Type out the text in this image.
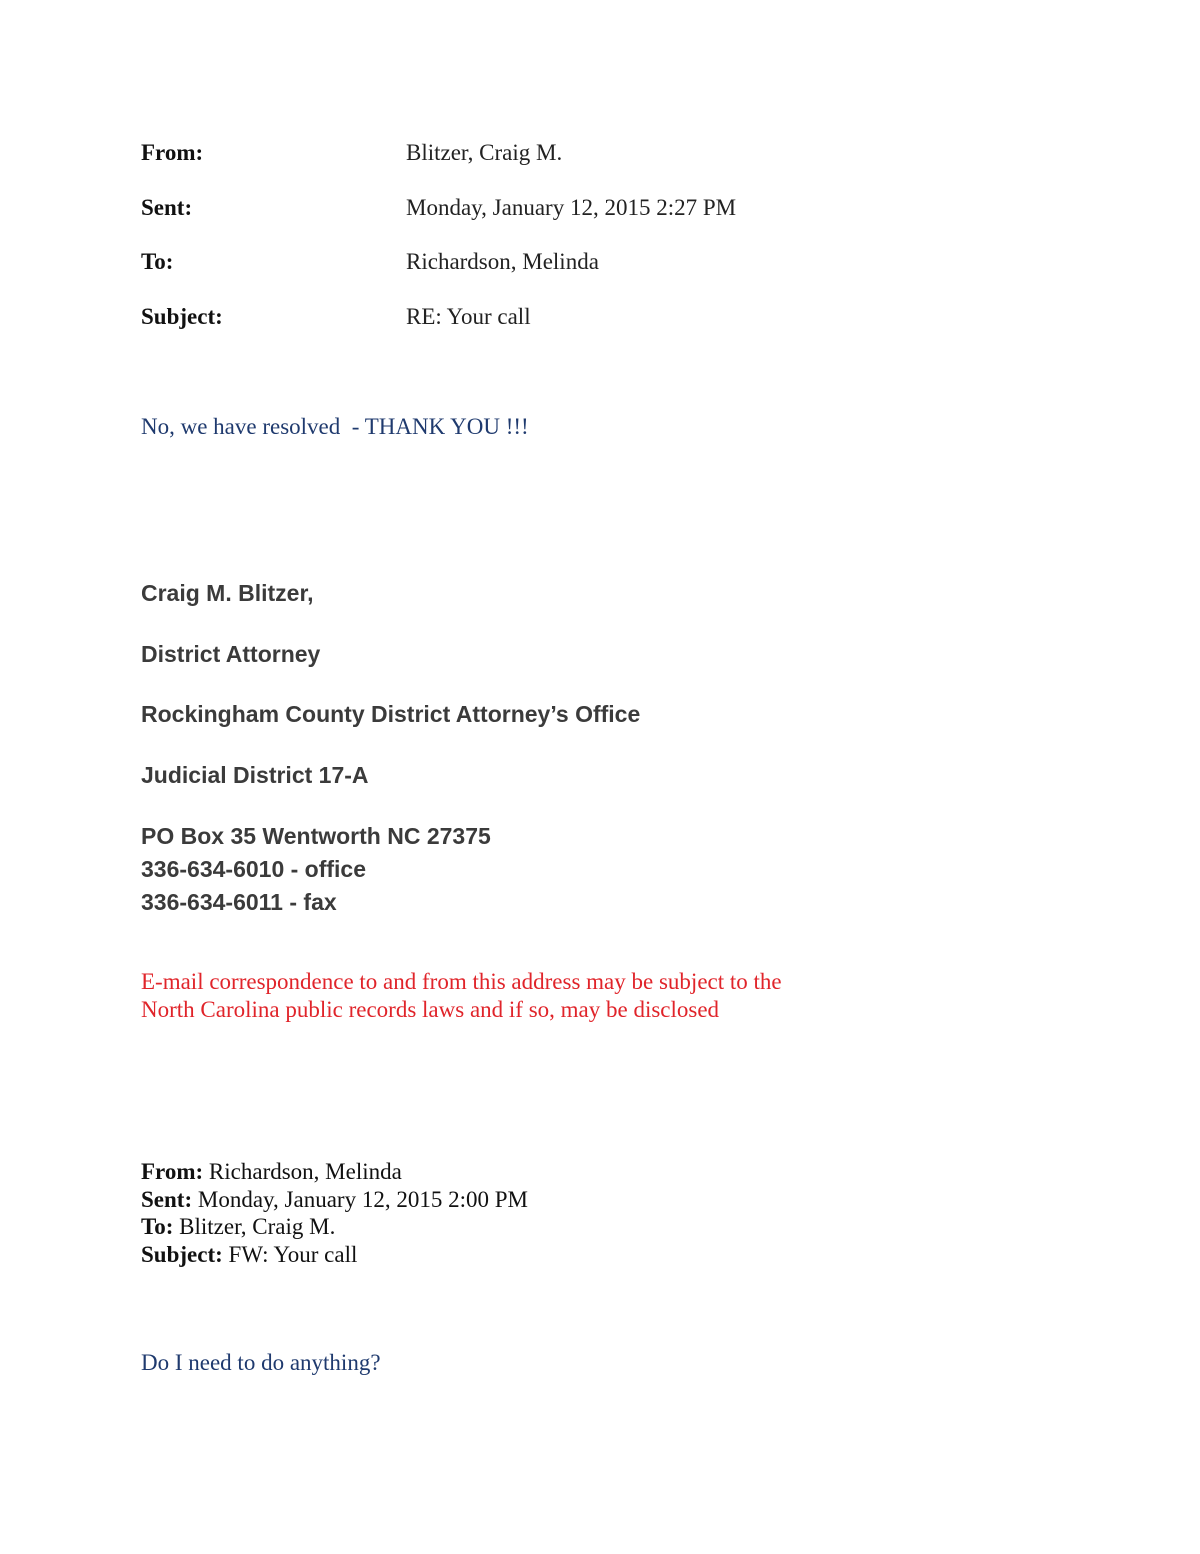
From:	Blitzer, Craig M.
Sent:	Monday, January 12, 2015 2:27 PM
To:	Richardson, Melinda
Subject:	RE: Your call
No, we have resolved  - THANK YOU !!!
Craig M. Blitzer,
District Attorney
Rockingham County District Attorney’s Office
Judicial District 17-A
PO Box 35 Wentworth NC 27375
336-634-6010 - office
336-634-6011 - fax
E-mail correspondence to and from this address may be subject to the
North Carolina public records laws and if so, may be disclosed
From: Richardson, Melinda
Sent: Monday, January 12, 2015 2:00 PM
To: Blitzer, Craig M.
Subject: FW: Your call
Do I need to do anything?
